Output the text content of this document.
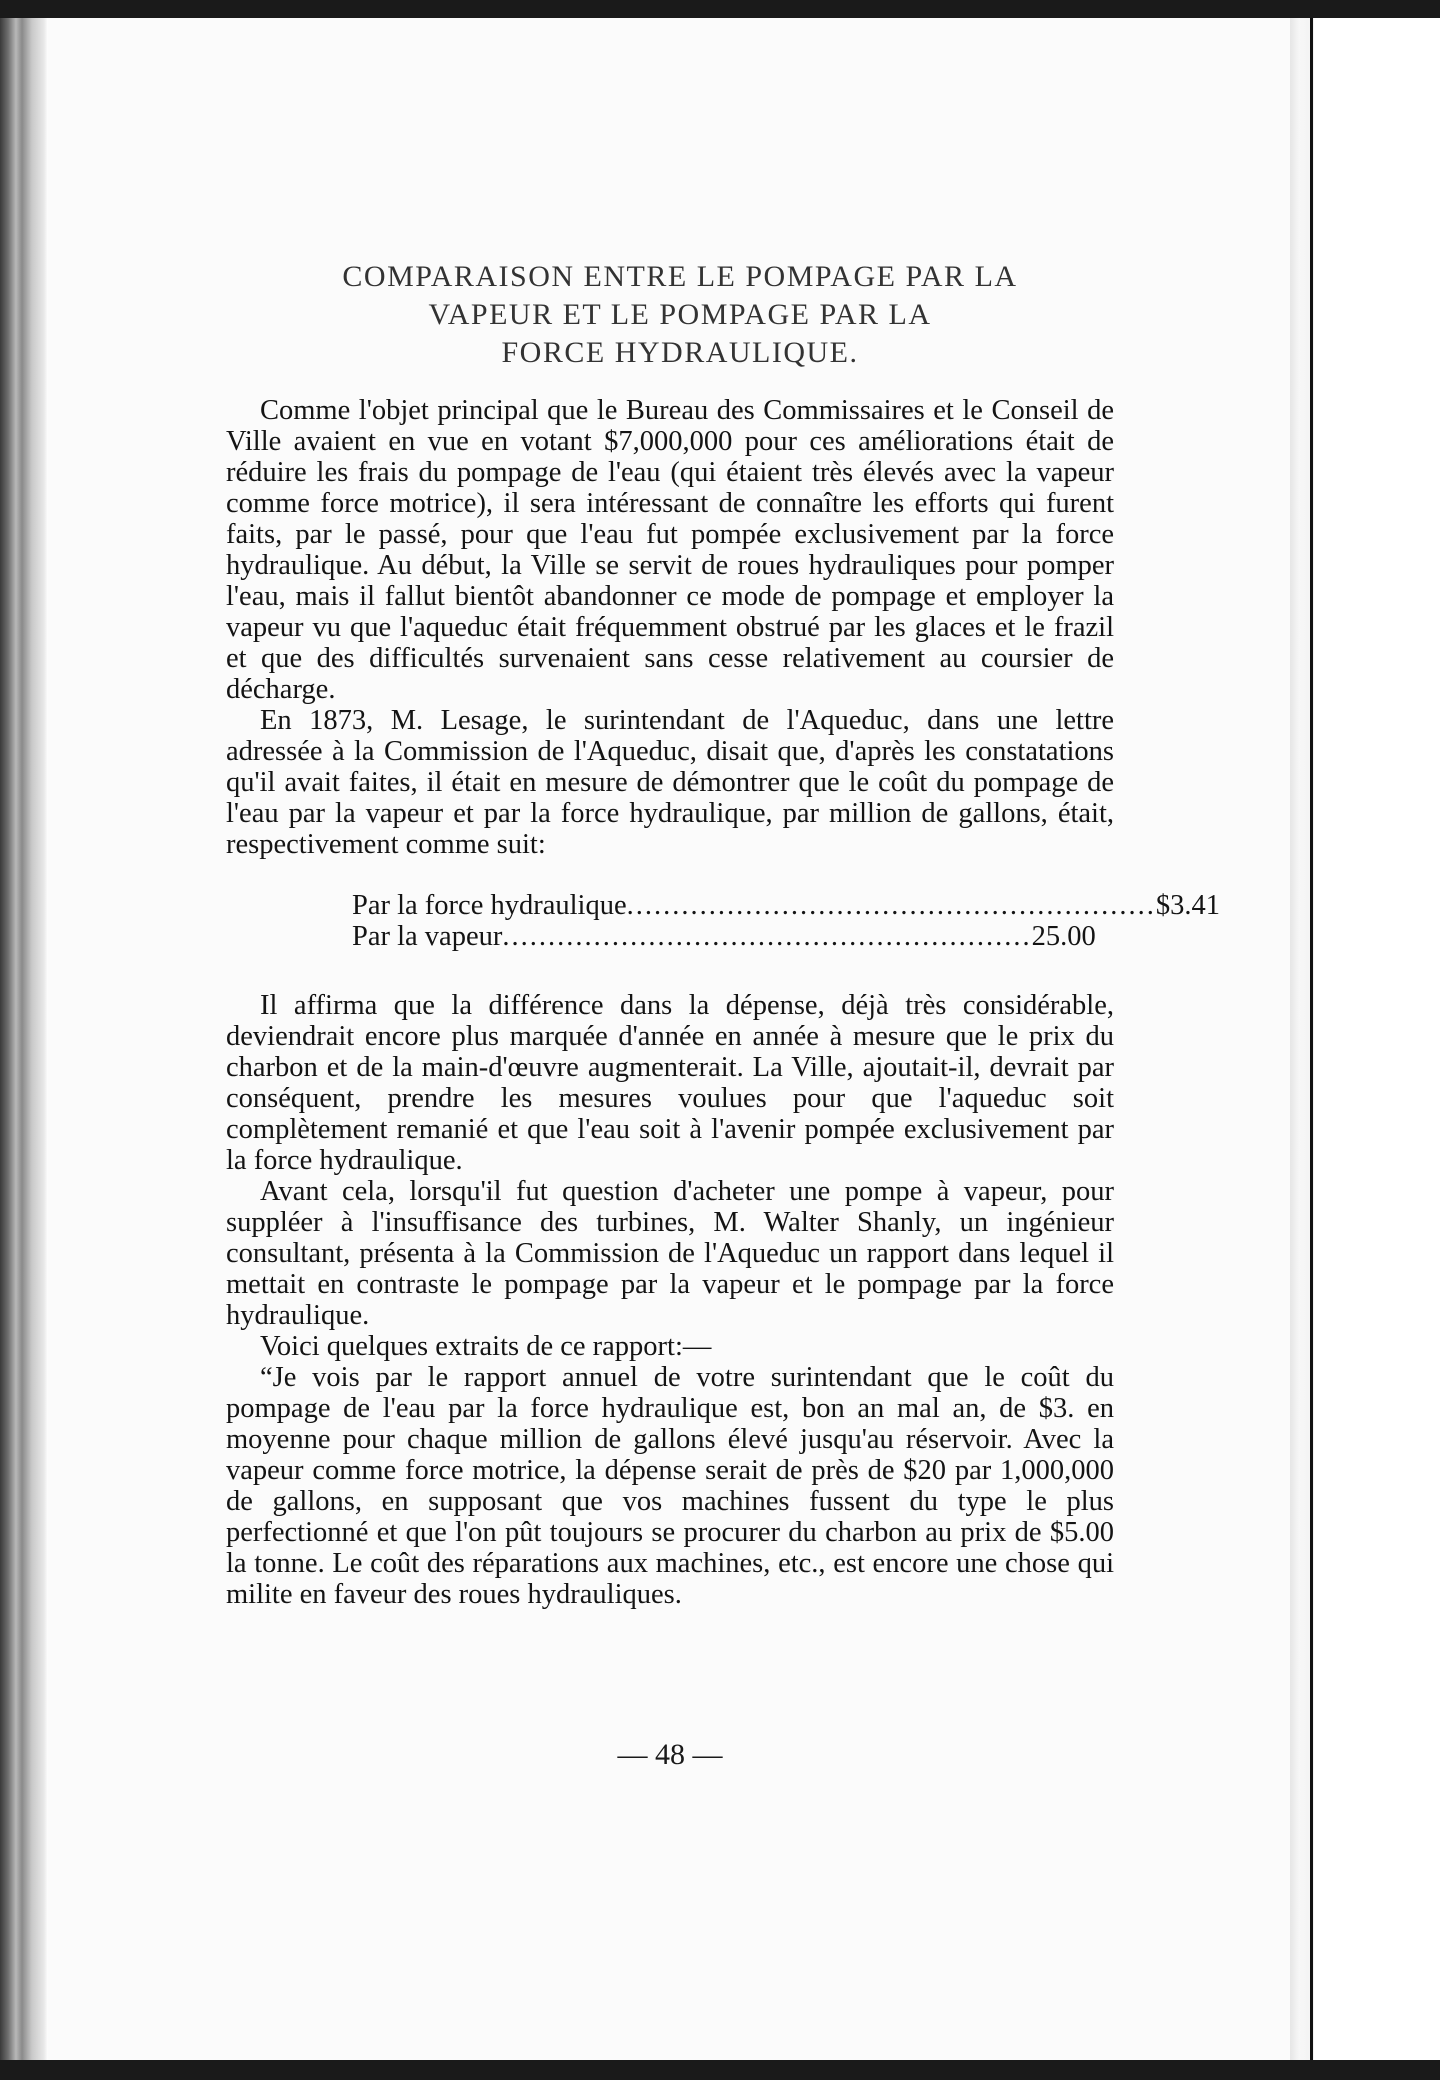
COMPARAISON ENTRE LE POMPAGE PAR LA
VAPEUR ET LE POMPAGE PAR LA
FORCE HYDRAULIQUE.

Comme l'objet principal que le Bureau des Commissaires et le Conseil de Ville avaient en vue en votant $7,000,000 pour ces améliorations était de réduire les frais du pompage de l'eau (qui étaient très élevés avec la vapeur comme force motrice), il sera intéressant de connaître les efforts qui furent faits, par le passé, pour que l'eau fut pompée exclusivement par la force hydraulique. Au début, la Ville se servit de roues hydrauliques pour pomper l'eau, mais il fallut bientôt abandonner ce mode de pompage et employer la vapeur vu que l'aqueduc était fréquemment obstrué par les glaces et le frazil et que des difficultés survenaient sans cesse relativement au coursier de décharge.

En 1873, M. Lesage, le surintendant de l'Aqueduc, dans une lettre adressée à la Commission de l'Aqueduc, disait que, d'après les constatations qu'il avait faites, il était en mesure de démontrer que le coût du pompage de l'eau par la vapeur et par la force hydraulique, par million de gallons, était, respectivement comme suit:

Par la force hydraulique .......................................................... $3.41
Par la vapeur .......................................................... 25.00

Il affirma que la différence dans la dépense, déjà très considérable, deviendrait encore plus marquée d'année en année à mesure que le prix du charbon et de la main-d'œuvre augmenterait. La Ville, ajoutait-il, devrait par conséquent, prendre les mesures voulues pour que l'aqueduc soit complètement remanié et que l'eau soit à l'avenir pompée exclusivement par la force hydraulique.

Avant cela, lorsqu'il fut question d'acheter une pompe à vapeur, pour suppléer à l'insuffisance des turbines, M. Walter Shanly, un ingénieur consultant, présenta à la Commission de l'Aqueduc un rapport dans lequel il mettait en contraste le pompage par la vapeur et le pompage par la force hydraulique.

Voici quelques extraits de ce rapport:—

“Je vois par le rapport annuel de votre surintendant que le coût du pompage de l'eau par la force hydraulique est, bon an mal an, de $3. en moyenne pour chaque million de gallons élevé jusqu'au réservoir. Avec la vapeur comme force motrice, la dépense serait de près de $20 par 1,000,000 de gallons, en supposant que vos machines fussent du type le plus perfectionné et que l'on pût toujours se procurer du charbon au prix de $5.00 la tonne. Le coût des réparations aux machines, etc., est encore une chose qui milite en faveur des roues hydrauliques.

— 48 —
